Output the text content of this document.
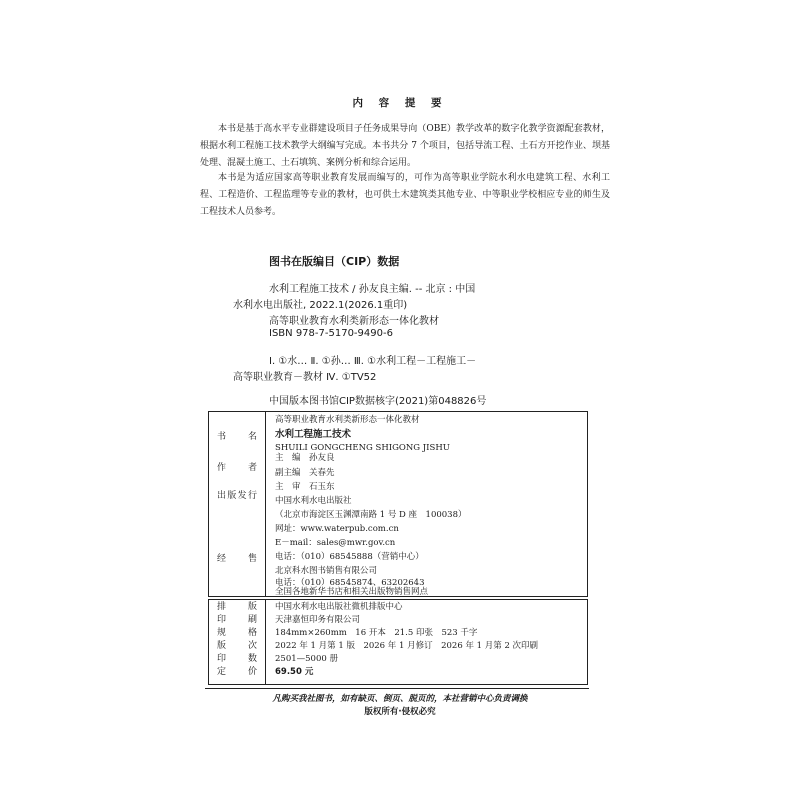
内 容 提 要

本书是基于高水平专业群建设项目子任务成果导向（OBE）教学改革的数字化教学资源配套教材，根据水利工程施工技术教学大纲编写完成。本书共分 7 个项目，包括导流工程、土石方开挖作业、坝基处理、混凝土施工、土石填筑、案例分析和综合运用。

本书是为适应国家高等职业教育发展而编写的，可作为高等职业学院水利水电建筑工程、水利工程、工程造价、工程监理等专业的教材，也可供土木建筑类其他专业、中等职业学校相应专业的师生及工程技术人员参考。

图书在版编目（CIP）数据
水利工程施工技术 / 孙友良主编. -- 北京 : 中国
水利水电出版社, 2022.1(2026.1重印)
高等职业教育水利类新形态一体化教材
ISBN 978-7-5170-9490-6
Ⅰ. ①水… Ⅱ. ①孙… Ⅲ. ①水利工程－工程施工－
高等职业教育－教材 Ⅳ. ①TV52
中国版本图书馆CIP数据核字(2021)第048826号
书 名
作 者
出 版 发 行
经 售
高等职业教育水利类新形态一体化教材
水利工程施工技术
SHUILI GONGCHENG SHIGONG JISHU
主　编　孙友良
副主编　关春先
主　审　石玉东
中国水利水电出版社
（北京市海淀区玉渊潭南路 1 号 D 座　100038）
网址：www.waterpub.com.cn
E－mail：sales@mwr.gov.cn
电话：（010）68545888（营销中心）
北京科水图书销售有限公司
电话：（010）68545874、63202643
全国各地新华书店和相关出版物销售网点
排 版 中国水利水电出版社微机排版中心
印 刷 天津嘉恒印务有限公司
规 格 184mm×260mm　16 开本　21.5 印张　523 千字
版 次 2022 年 1 月第 1 版　2026 年 1 月修订　2026 年 1 月第 2 次印刷
印 数 2501—5000 册
定 价 69.50 元
凡购买我社图书，如有缺页、倒页、脱页的，本社营销中心负责调换
版权所有·侵权必究
